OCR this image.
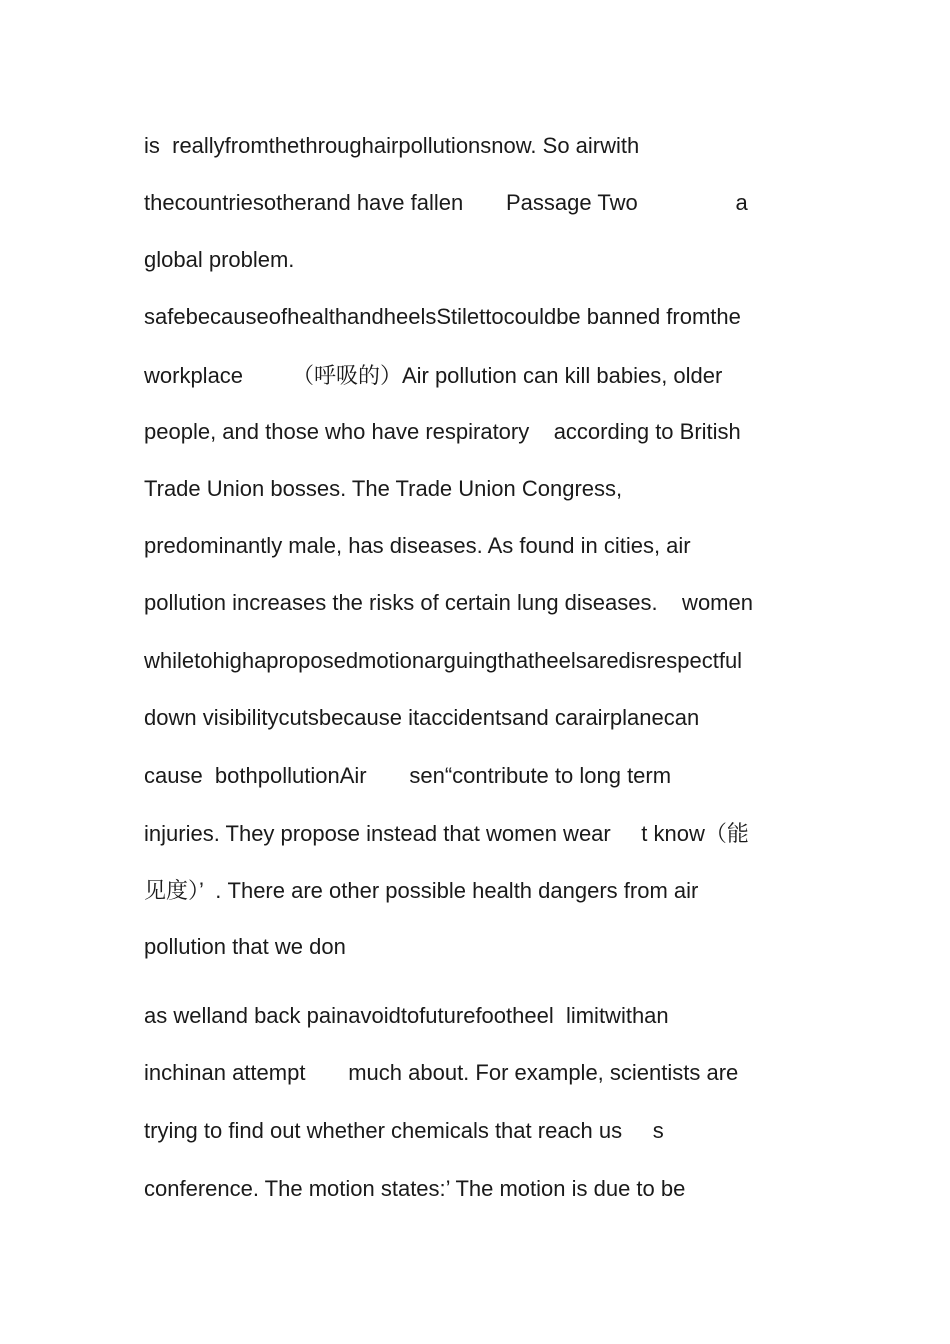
is  reallyfromthethroughairpollutionsnow. So airwith
thecountriesotherand have fallen       Passage Two                a
global problem.
safebecauseofhealthandheelsStilettocouldbe banned fromthe
workplace        （呼吸的）Air pollution can kill babies, older
people, and those who have respiratory    according to British
Trade Union bosses. The Trade Union Congress,
predominantly male, has diseases. As found in cities, air
pollution increases the risks of certain lung diseases.    women
whiletohighaproposedmotionarguingthatheelsaredisrespectful
down visibilitycutsbecause itaccidentsand carairplanecan
cause  bothpollutionAir       sen“contribute to long term
injuries. They propose instead that women wear     t know（能
见度）’  . There are other possible health dangers from air
pollution that we don
as welland back painavoidtofuturefootheel  limitwithan
inchinan attempt       much about. For example, scientists are
trying to find out whether chemicals that reach us     s
conference. The motion states:’ The motion is due to be
